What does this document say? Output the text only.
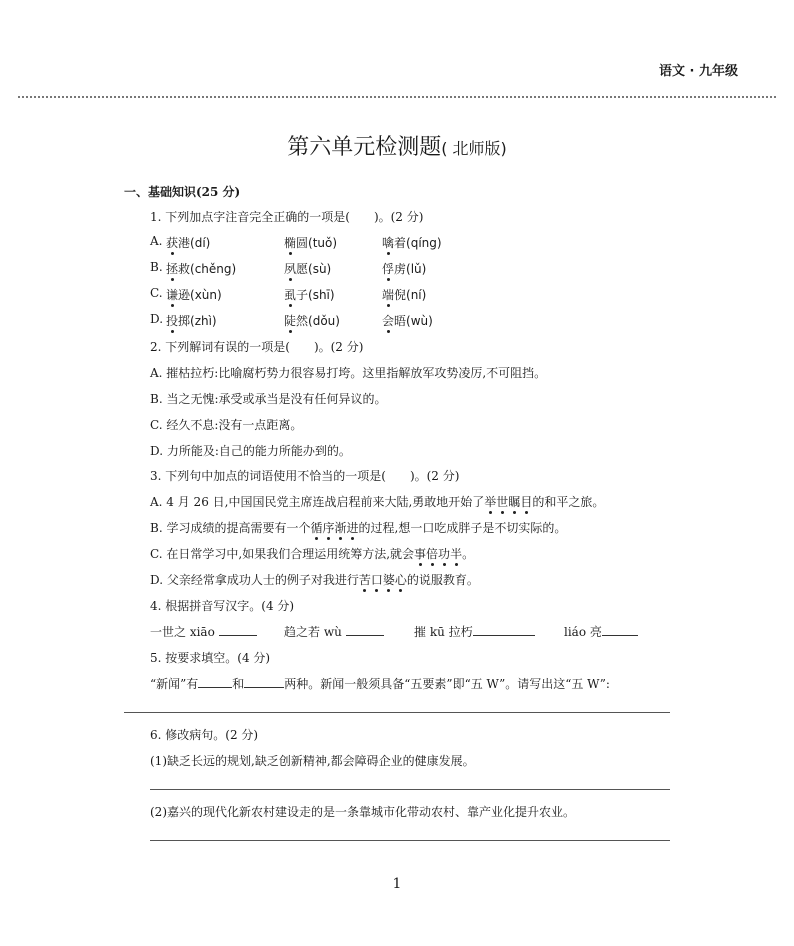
语文 · 九年级
第六单元检测题( 北师版)
一、基础知识(25 分)
1. 下列加点字注音完全正确的一项是(　　)。(2 分)
A. 获港(dí)	椭圆(tuǒ)	噙着(qíng)
B. 拯救(chěng)	夙愿(sù)	俘虏(lǔ)
C. 谦逊(xùn)	虱子(shī)	端倪(ní)
D. 投掷(zhì)	陡然(dǒu)	会晤(wù)
2. 下列解词有误的一项是(　　)。(2 分)
A. 摧枯拉朽:比喻腐朽势力很容易打垮。这里指解放军攻势凌厉,不可阻挡。
B. 当之无愧:承受或承当是没有任何异议的。
C. 经久不息:没有一点距离。
D. 力所能及:自己的能力所能办到的。
3. 下列句中加点的词语使用不恰当的一项是(　　)。(2 分)
A. 4 月 26 日,中国国民党主席连战启程前来大陆,勇敢地开始了举世瞩目的和平之旅。
B. 学习成绩的提高需要有一个循序渐进的过程,想一口吃成胖子是不切实际的。
C. 在日常学习中,如果我们合理运用统筹方法,就会事倍功半。
D. 父亲经常拿成功人士的例子对我进行苦口婆心的说服教育。
4. 根据拼音写汉字。(4 分)
一世之 xiāo	趋之若 wù	摧 kū 拉朽	liáo 亮
5. 按要求填空。(4 分)
“新闻”有	和	两种。新闻一般须具备“五要素”即“五 W”。请写出这“五 W”:
6. 修改病句。(2 分)
(1)缺乏长远的规划,缺乏创新精神,都会障碍企业的健康发展。
(2)嘉兴的现代化新农村建设走的是一条靠城市化带动农村、靠产业化提升农业。
1
